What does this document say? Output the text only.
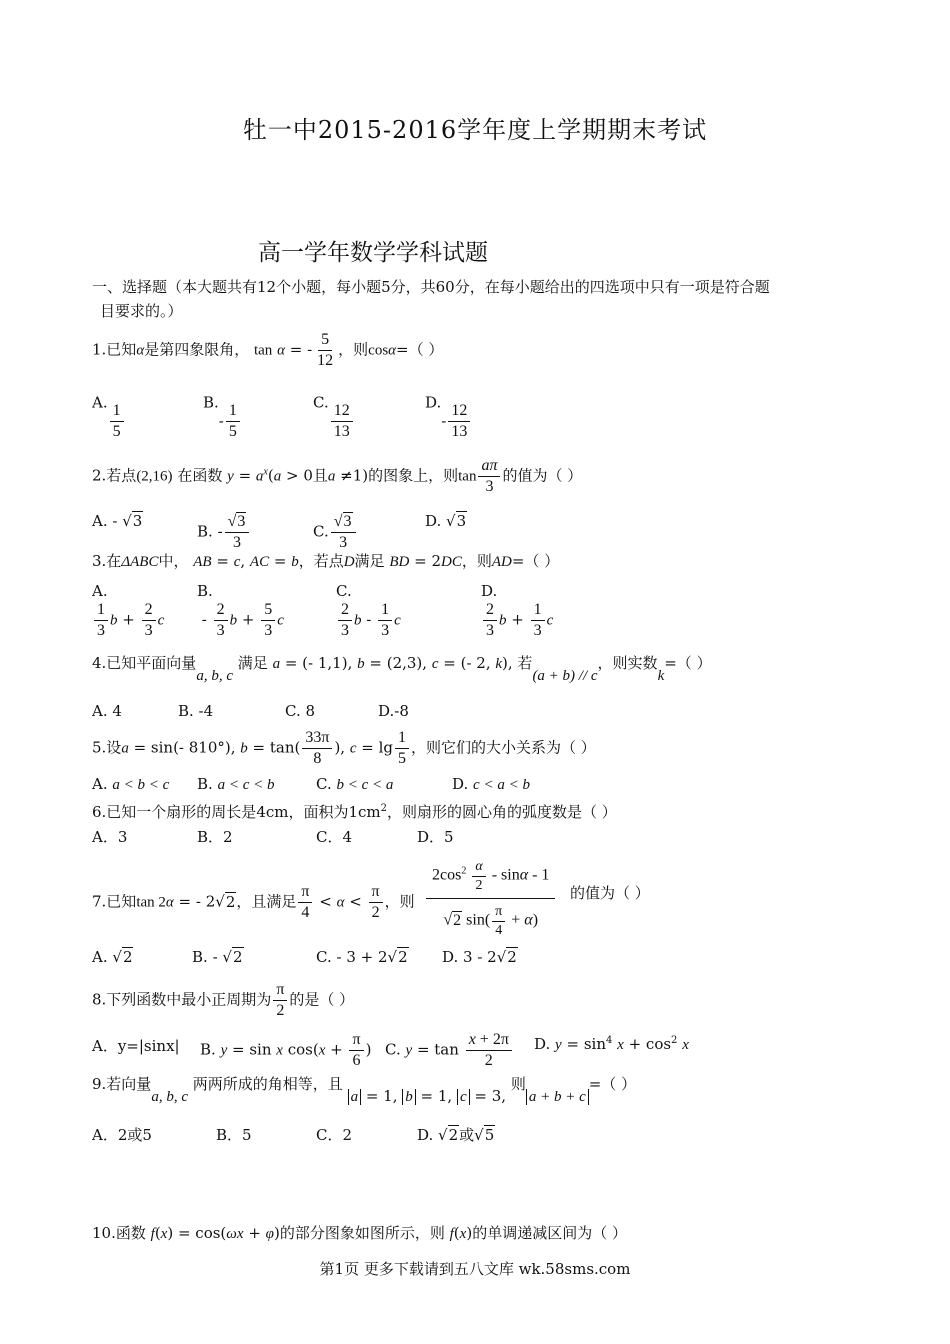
牡一中2015-2016学年度上学期期末考试
高一学年数学学科试题
一、选择题（本大题共有12个小题，每小题5分，共60分，在每小题给出的四选项中只有一项是符合题
目要求的。）
1.已知α是第四象限角， tan α = - $\frac{5}{12}$ ，则cosα=（ ）
A. $\frac{1}{5}$	$B.- \frac{1}{5}$	C. $\frac{12}{13}$	$D.- \frac{12}{13}$
2.若点(2,16) 在函数 $y = a^x(a > 0$且a ≠1)的图象上，则$\tan \frac{a\pi}{3}$ 的值为（ ）
A. - √3
B. - $\frac{√3}{3}$	C. $\frac{√3}{3}$	D. √3
3.在ΔABC中， AB = c, AC = b，若点D满足 BD = 2DC，则AD=（ ）
A.

$\frac{1}{3}$ $b + \frac{2}{3}$ c
B.
- $\frac{2}{3}$ $b + \frac{5}{3}$ c
C.

$\frac{2}{3}$ b - $\frac{1}{3}$ c
D.

$\frac{2}{3}$ $b + \frac{1}{3}$ c
4.已知平面向量a, b, c 满足 a = (- 1,1), b = (2,3), c = (- 2, k), 若(a + b) // c，则实数k=（ ）
A. 4	B. -4	C. 8	D.-8
5.设a = sin(- 810°), $b = \tan( \frac{33\pi}{8}$ ), $c = \lg \frac{1}{5}$ ，则它们的大小关系为（ ）
A. a < b < c B. a < c < b	C. b < c < a	D. c < a < b
6.已知一个扇形的周长是4cm，面积为$1cm^2$，则扇形的圆心角的弧度数是（ ）
A．3	B．2	C．4	D．5
7.已知tan 2α = - 2√2，且满足 $\frac{\pi}{4} < \alpha < \frac{\pi}{2}$ ，则
$2\cos^2 \frac{\alpha}{2}$ - sinα - 1
√2 $\sin( \frac{\pi}{4} + \alpha)$
的值为（ ）
A. √2	B. - √2	C. - 3 + 2√2 D. 3 - 2√2
8.下列函数中最小正周期为 $\frac{\pi}{2}$ 的是（ ）
A．y=|sinx| B. y = sin x $\cos(x + \frac{\pi}{6}$ ) C. $y = \tan \frac{x + 2\pi}{2} D$. $y = \sin^4 x + \cos^2 x$
9.若向量a, b, c 两两所成的角相等，且 a = 1, b = 1, c = 3, 则a + b + c=（ ）
A．2或5	B．5	C．2	D. √2或√5
10.函数 f(x) = cos(ωx + φ)的部分图象如图所示，则 f(x)的单调递减区间为（ ）
第1页 更多下载请到五八文库 wk.58sms.com
